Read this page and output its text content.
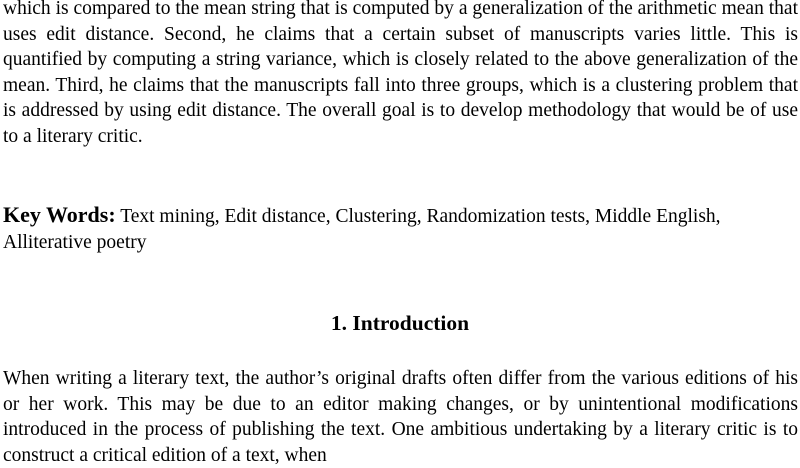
which is compared to the mean string that is computed by a generalization of the arithmetic mean that uses edit distance. Second, he claims that a certain subset of manuscripts varies little. This is quantified by computing a string variance, which is closely related to the above generalization of the mean. Third, he claims that the manuscripts fall into three groups, which is a clustering problem that is addressed by using edit distance. The overall goal is to develop methodology that would be of use to a literary critic.

Key Words: Text mining, Edit distance, Clustering, Randomization tests, Middle English, Alliterative poetry

1. Introduction

When writing a literary text, the author’s original drafts often differ from the various editions of his or her work. This may be due to an editor making changes, or by unintentional modifications introduced in the process of publishing the text. One ambitious undertaking by a literary critic is to construct a critical edition of a text, when
